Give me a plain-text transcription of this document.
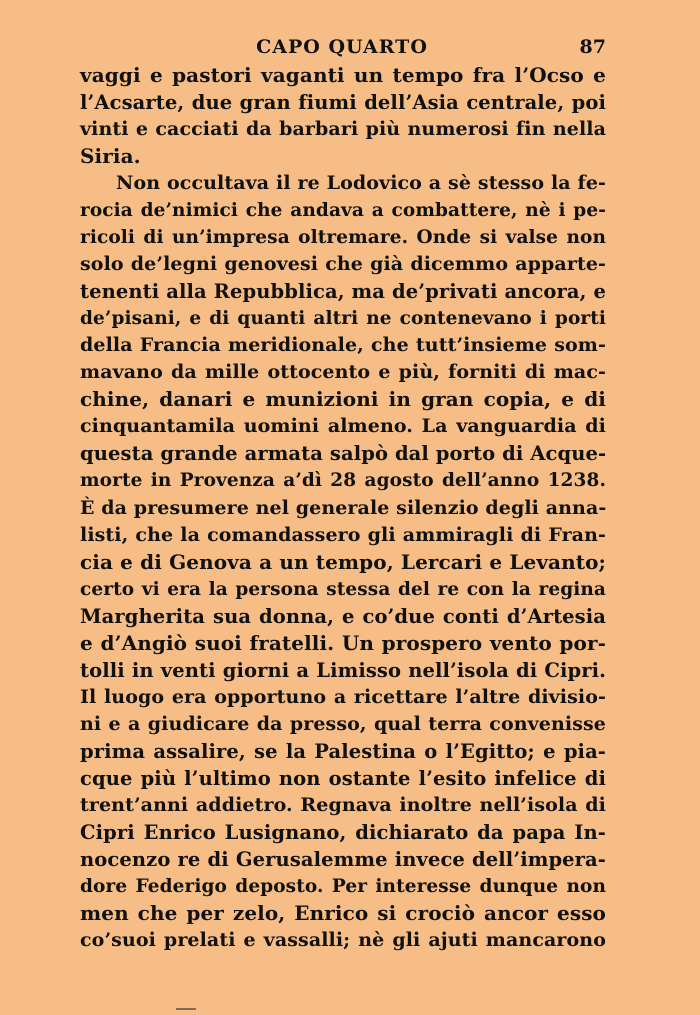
CAPO QUARTO	87
vaggi e pastori vaganti un tempo fra l’Ocso e
l’Acsarte, due gran fiumi dell’Asia centrale, poi
vinti e cacciati da barbari più numerosi fin nella
Siria.
Non occultava il re Lodovico a sè stesso la fe-
rocia de’nimici che andava a combattere, nè i pe-
ricoli di un’impresa oltremare. Onde si valse non
solo de’legni genovesi che già dicemmo apparte-
tenenti alla Repubblica, ma de’privati ancora, e
de’pisani, e di quanti altri ne contenevano i porti
della Francia meridionale, che tutt’insieme som-
mavano da mille ottocento e più, forniti di mac-
chine, danari e munizioni in gran copia, e di
cinquantamila uomini almeno. La vanguardia di
questa grande armata salpò dal porto di Acque-
morte in Provenza a’dì 28 agosto dell’anno 1238.
È da presumere nel generale silenzio degli anna-
listi, che la comandassero gli ammiragli di Fran-
cia e di Genova a un tempo, Lercari e Levanto;
certo vi era la persona stessa del re con la regina
Margherita sua donna, e co’due conti d’Artesia
e d’Angiò suoi fratelli. Un prospero vento por-
tolli in venti giorni a Limisso nell’isola di Cipri.
Il luogo era opportuno a ricettare l’altre divisio-
ni e a giudicare da presso, qual terra convenisse
prima assalire, se la Palestina o l’Egitto; e pia-
cque più l’ultimo non ostante l’esito infelice di
trent’anni addietro. Regnava inoltre nell’isola di
Cipri Enrico Lusignano, dichiarato da papa In-
nocenzo re di Gerusalemme invece dell’impera-
dore Federigo deposto. Per interesse dunque non
men che per zelo, Enrico si crociò ancor esso
co’suoi prelati e vassalli; nè gli ajuti mancarono
